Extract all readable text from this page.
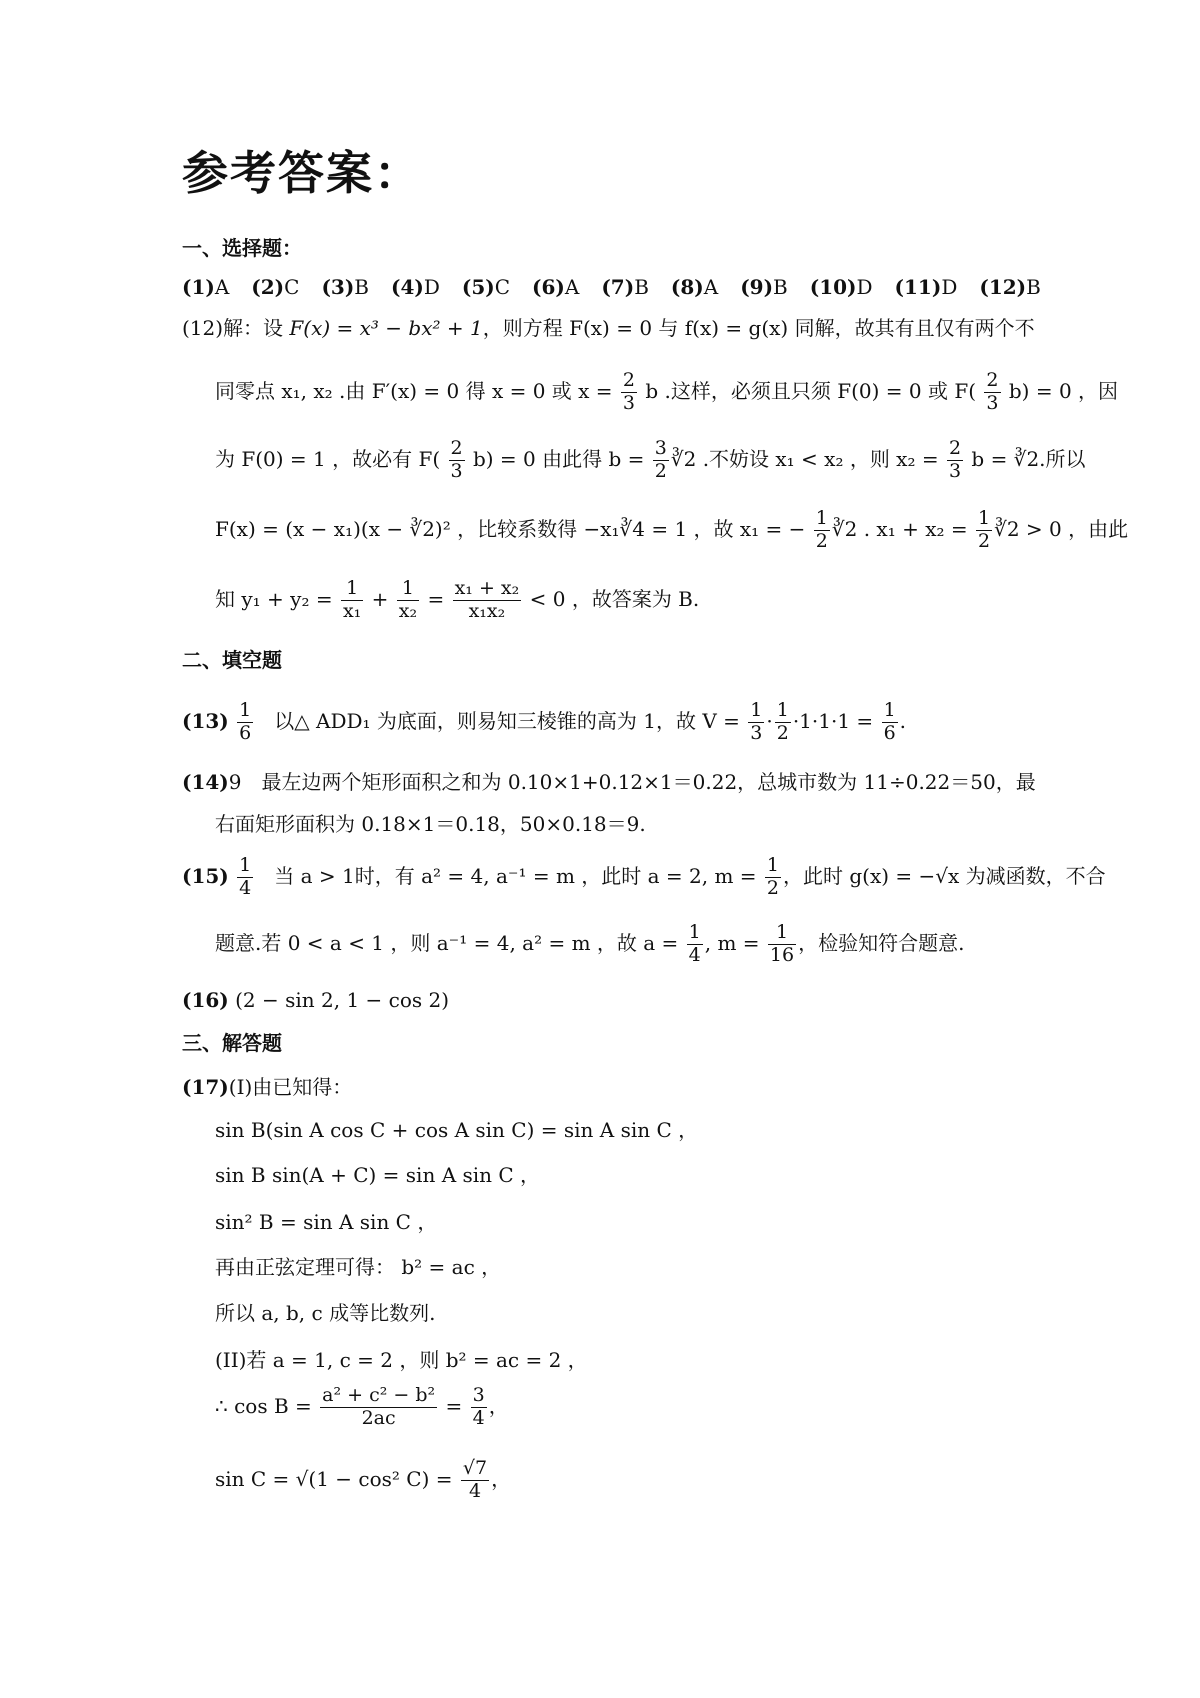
参考答案：
一、选择题：
(1)A (2)C (3)B (4)D (5)C (6)A (7)B (8)A (9)B (10)D (11)D (12)B
(12)解：设 F(x) = x³ − bx² + 1，则方程 F(x) = 0 与 f(x) = g(x) 同解，故其有且仅有两个不
同零点 x₁, x₂ .由 F′(x) = 0 得 x = 0 或 $x = \frac{2}{3}$ b .这样，必须且只须 F(0) = 0 或 $F( \frac{2}{3} b) = 0$ ，因
为 F(0) = 1 ，故必有 $F( \frac{2}{3} b) = 0$ 由此得 $b = \frac{3}{2}$ ∛2 .不妨设 x₁ < x₂ ，则 $x_2 = \frac{2}{3}$ b = ∛2.所以
F(x) = (x − x₁)(x − ∛2)² ，比较系数得 −x₁∛4 = 1 ，故 x₁ = − $\frac{1}{2}$ ∛2 . $x_1 + x_2 = \frac{1}{2}$ ∛2 > 0 ，由此
知 $y_1 + y_2 = \frac{1}{\text{x₁}} + \frac{1}{\text{x₂}} = \frac{\text{x₁ + x₂}}{\text{x₁x₂}} < 0$ ，故答案为 B.
二、填空题
$(13) \frac{1}{6}$ 以△ ADD₁ 为底面，则易知三棱锥的高为 1，故 $V = \frac{1}{3} \cdot \frac{1}{2} \cdot 1\cdot 1\cdot 1 = \frac{1}{6}$ .
(14)9　最左边两个矩形面积之和为 0.10×1+0.12×1＝0.22，总城市数为 11÷0.22＝50，最
右面矩形面积为 0.18×1＝0.18，50×0.18＝9.
$(15) \frac{1}{4}$ 当 a > 1时，有 a² = 4, a⁻¹ = m ，此时 a = 2, $m = \frac{1}{2}$ ，此时 g(x) = −√x 为减函数，不合
题意.若 0 < a < 1 ，则 a⁻¹ = 4, a² = m ，故 $a = \frac{1}{4}$ , $m = \frac{1}{16}$ ，检验知符合题意.
(16) (2 − sin 2, 1 − cos 2)
三、解答题
(17)(I)由已知得：
sin B(sin A cos C + cos A sin C) = sin A sin C ，
sin B sin(A + C) = sin A sin C ，
sin² B = sin A sin C ，
再由正弦定理可得： b² = ac ，
所以 a, b, c 成等比数列.
(II)若 a = 1, c = 2 ，则 b² = ac = 2 ，
∴ $\cos B = \frac{\text{a² + c² − b²}}{2ac} = \frac{3}{4}$ ，
sin C = √(1 − cos² $C) = \frac{√7}{4}$ ，
